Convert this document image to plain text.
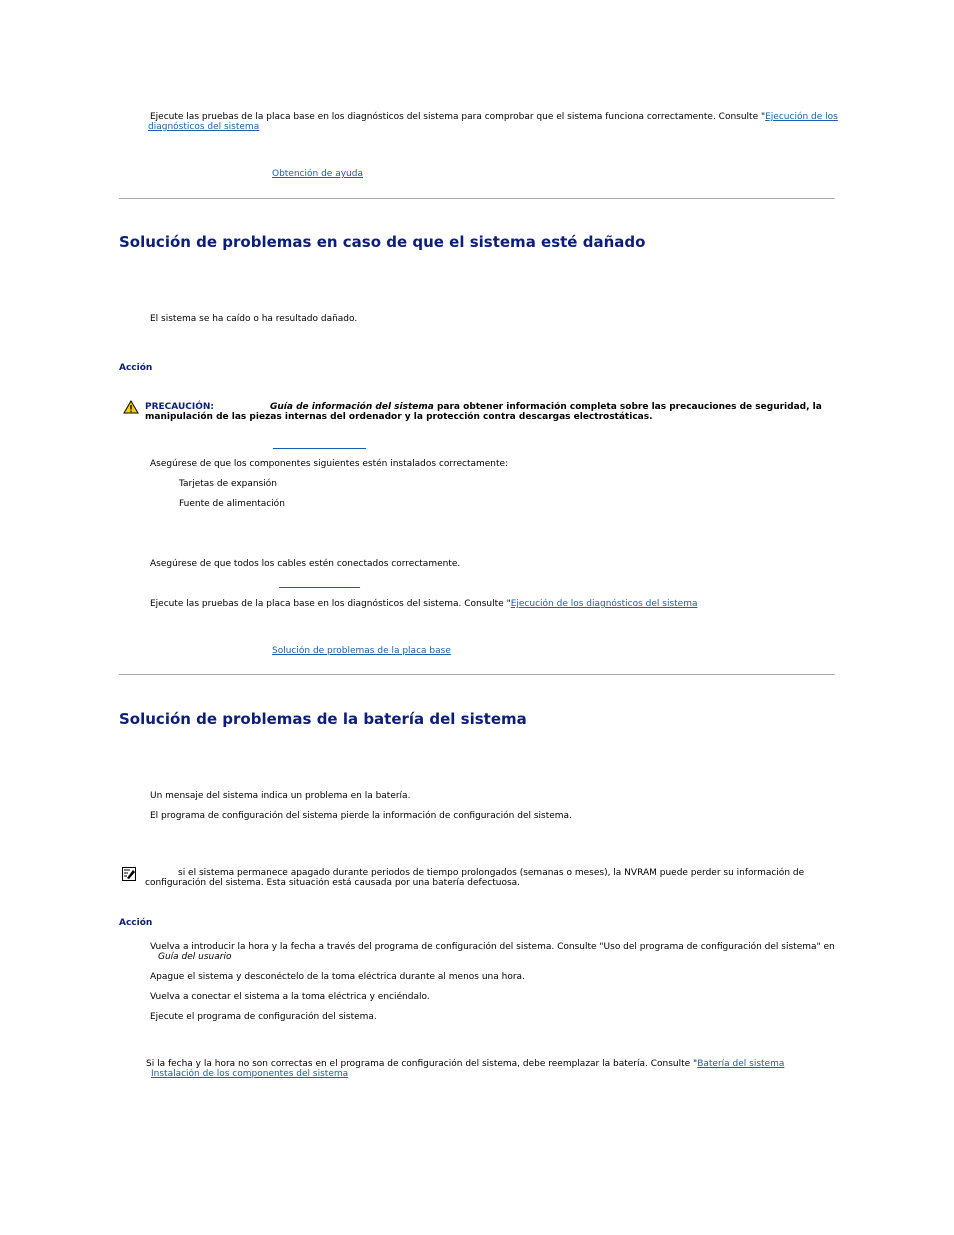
Ejecute las pruebas de la placa base en los diagnósticos del sistema para comprobar que el sistema funciona correctamente. Consulte "Ejecución de los
diagnósticos del sistema
Obtención de ayuda
Solución de problemas en caso de que el sistema esté dañado
El sistema se ha caído o ha resultado dañado.
Acción
PRECAUCIÓN:	Guía de información del sistema para obtener información completa sobre las precauciones de seguridad, la
manipulación de las piezas internas del ordenador y la protección contra descargas electrostáticas.
Asegúrese de que los componentes siguientes estén instalados correctamente:
Tarjetas de expansión
Fuente de alimentación
Asegúrese de que todos los cables estén conectados correctamente.
Ejecute las pruebas de la placa base en los diagnósticos del sistema. Consulte "Ejecución de los diagnósticos del sistema
Solución de problemas de la placa base
Solución de problemas de la batería del sistema
Un mensaje del sistema indica un problema en la batería.
El programa de configuración del sistema pierde la información de configuración del sistema.
si el sistema permanece apagado durante periodos de tiempo prolongados (semanas o meses), la NVRAM puede perder su información de
configuración del sistema. Esta situación está causada por una batería defectuosa.
Acción
Vuelva a introducir la hora y la fecha a través del programa de configuración del sistema. Consulte "Uso del programa de configuración del sistema" en
Guía del usuario
Apague el sistema y desconéctelo de la toma eléctrica durante al menos una hora.
Vuelva a conectar el sistema a la toma eléctrica y enciéndalo.
Ejecute el programa de configuración del sistema.
Si la fecha y la hora no son correctas en el programa de configuración del sistema, debe reemplazar la batería. Consulte "Batería del sistema
Instalación de los componentes del sistema
